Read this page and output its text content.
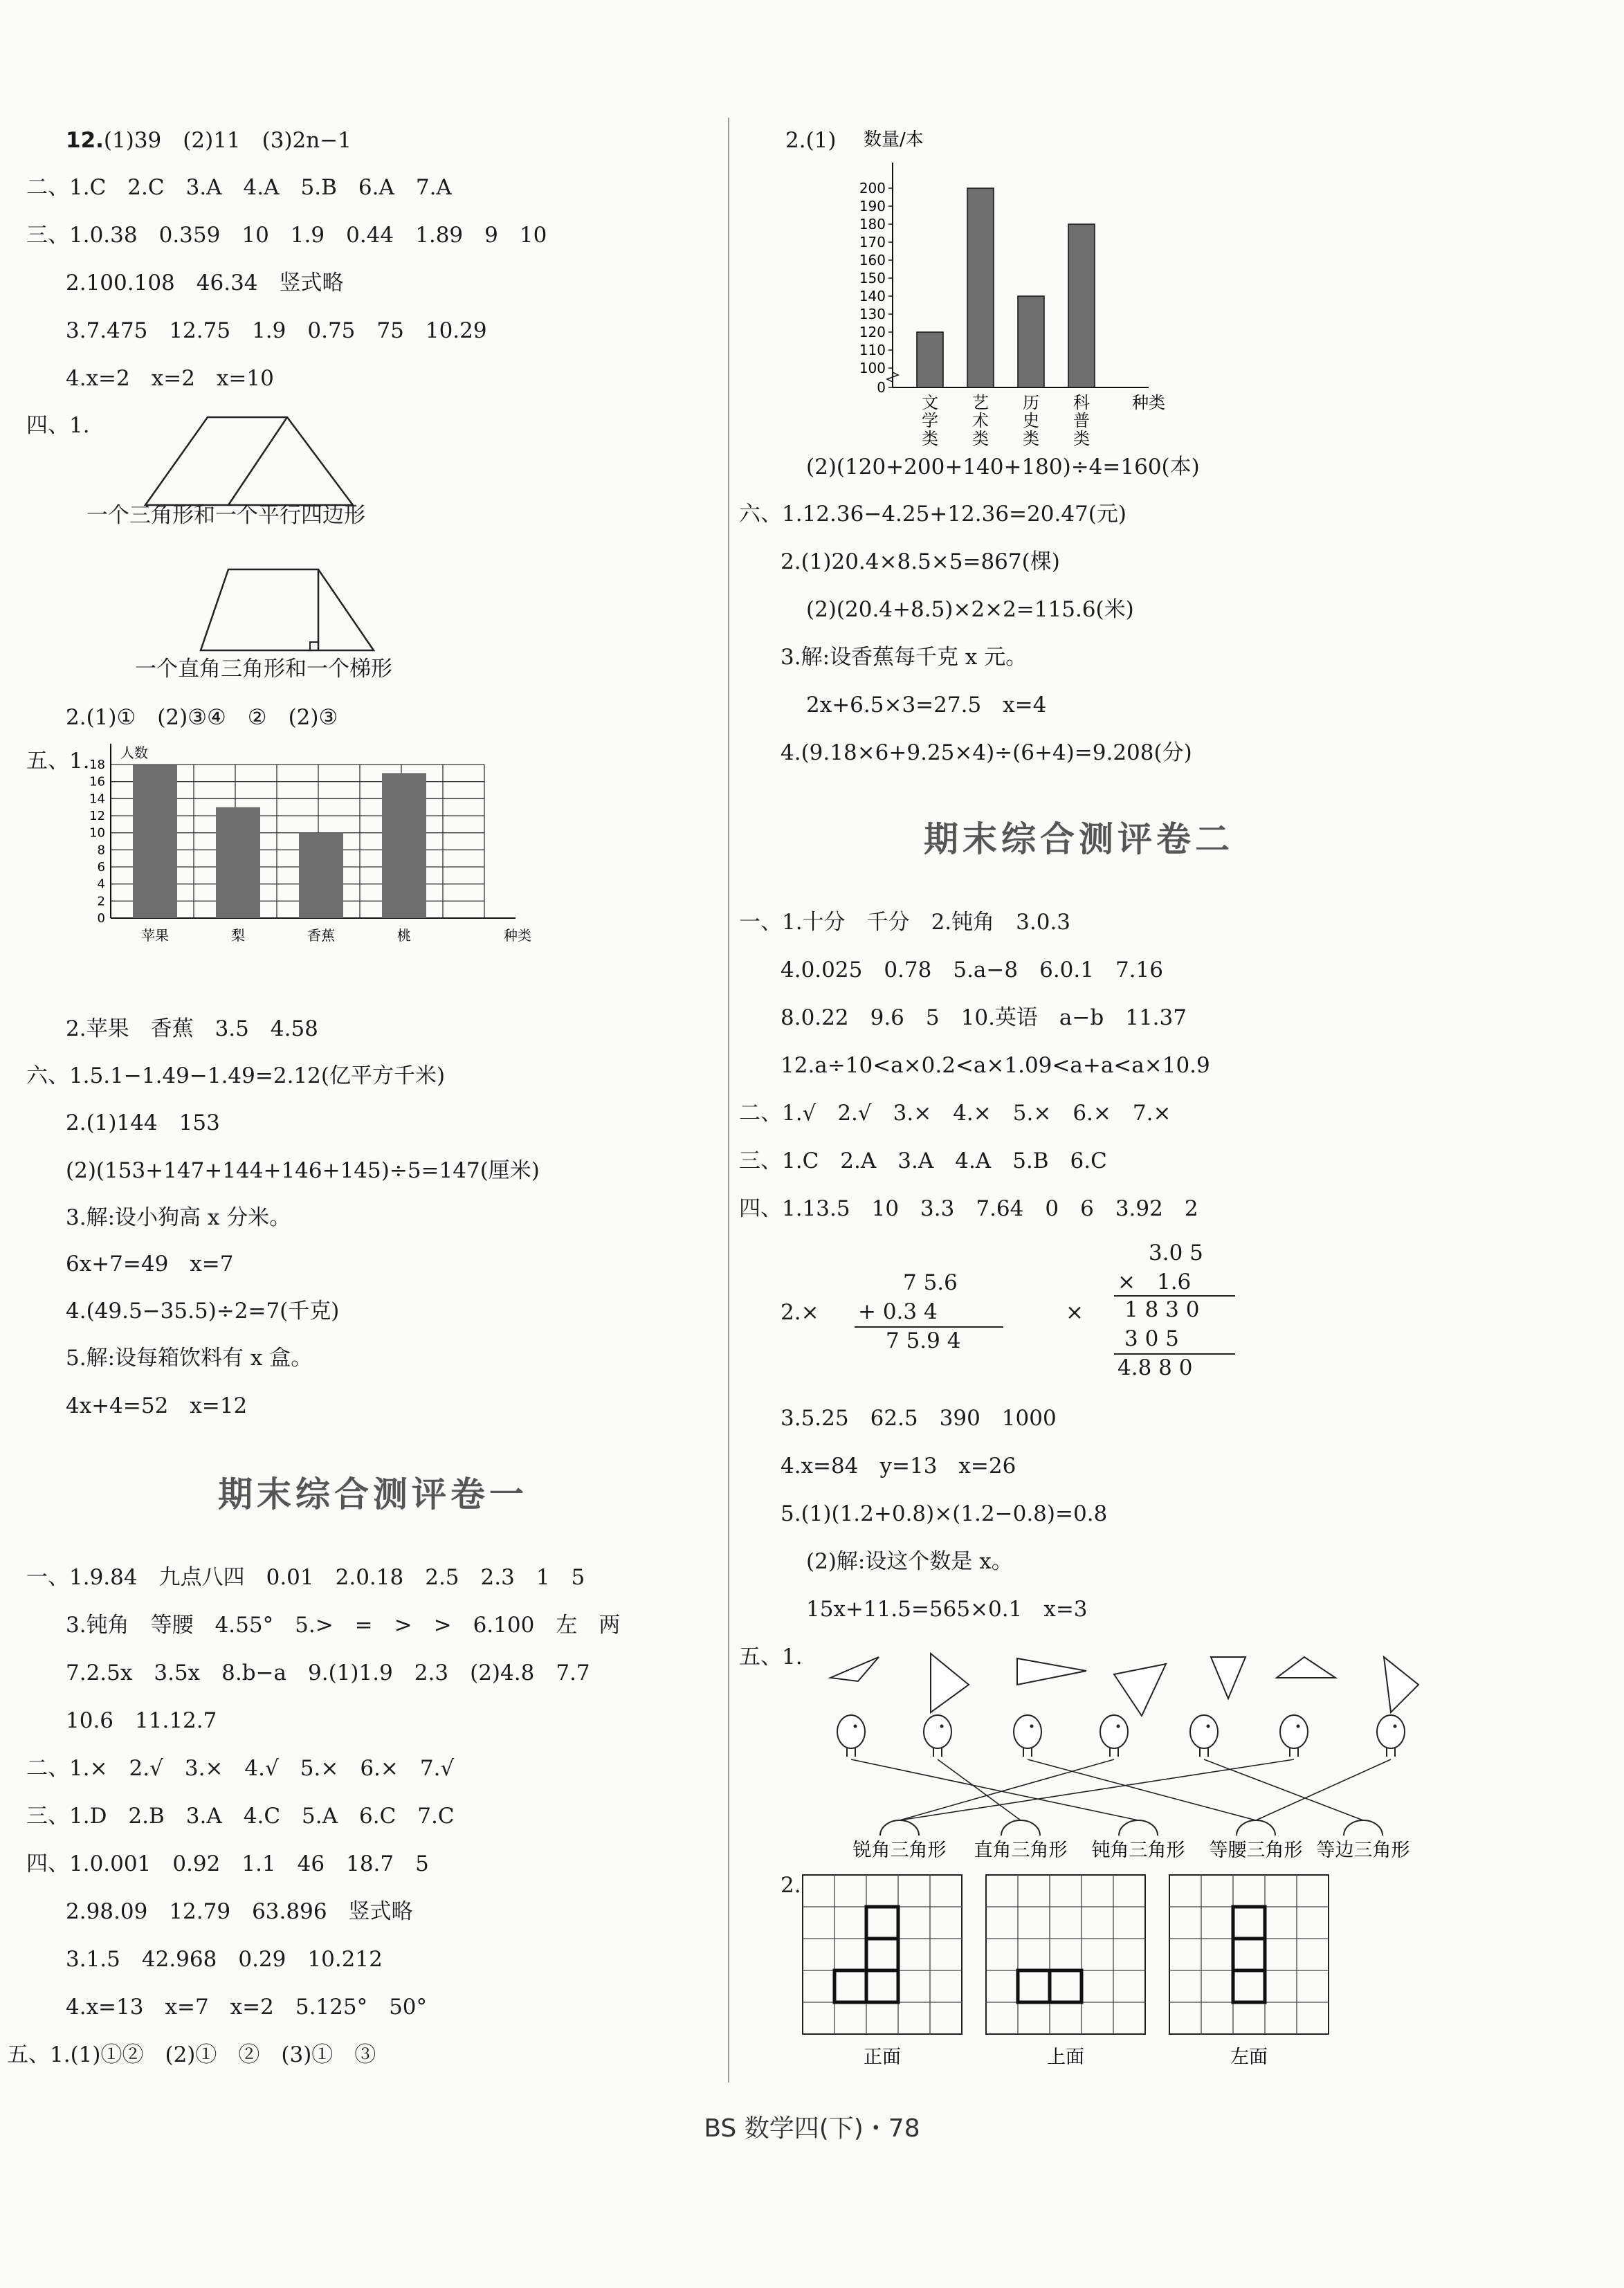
12.(1)39　(2)11　(3)2n−1
二、1.C　2.C　3.A　4.A　5.B　6.A　7.A
三、1.0.38　0.359　10　1.9　0.44　1.89　9　10
2.100.108　46.34　竖式略
3.7.475　12.75　1.9　0.75　75　10.29
4.x=2　x=2　x=10
四、1.
一个三角形和一个平行四边形
一个直角三角形和一个梯形
2.(1)①　(2)③④　②　(2)③
五、1.
0
2
4
6
8
10
12
14
16
18
人数
种类
苹果	梨	香蕉	桃
2.苹果　香蕉　3.5　4.58
六、1.5.1−1.49−1.49=2.12(亿平方千米)
2.(1)144　153
(2)(153+147+144+146+145)÷5=147(厘米)
3.解:设小狗高 x 分米。
6x+7=49　x=7
4.(49.5−35.5)÷2=7(千克)
5.解:设每箱饮料有 x 盒。
4x+4=52　x=12
期末综合测评卷一
一、1.9.84　九点八四　0.01　2.0.18　2.5　2.3　1　5
3.钝角　等腰　4.55°　5.>　=　>　>　6.100　左　两
7.2.5x　3.5x　8.b−a　9.(1)1.9　2.3　(2)4.8　7.7
10.6　11.12.7
二、1.×　2.√　3.×　4.√　5.×　6.×　7.√
三、1.D　2.B　3.A　4.C　5.A　6.C　7.C
四、1.0.001　0.92　1.1　46　18.7　5
2.98.09　12.79　63.896　竖式略
3.1.5　42.968　0.29　10.212
4.x=13　x=7　x=2　5.125°　50°
五、1.(1)①②　(2)①　②　(3)①　③
2.(1) 数量/本
0
100
110
120
130
140
150
160
170
180
190
200
文
学
类
艺
术
类
历
史
类
科
普
类
种类
(2)(120+200+140+180)÷4=160(本)
六、1.12.36−4.25+12.36=20.47(元)
2.(1)20.4×8.5×5=867(棵)
(2)(20.4+8.5)×2×2=115.6(米)
3.解:设香蕉每千克 x 元。
2x+6.5×3=27.5　x=4
4.(9.18×6+9.25×4)÷(6+4)=9.208(分)
期末综合测评卷二
一、1.十分　千分　2.钝角　3.0.3
4.0.025　0.78　5.a−8　6.0.1　7.16
8.0.22　9.6　5　10.英语　a−b　11.37
12.a÷10<a×0.2<a×1.09<a+a<a×10.9
二、1.√　2.√　3.×　4.×　5.×　6.×　7.×
三、1.C　2.A　3.A　4.A　5.B　6.C
四、1.13.5　10　3.3　7.64　0　6　3.92　2
2.×
7 5.6
+ 0.3 4
7 5.9 4
×
3.0 5
×　1.6
1 8 3 0
3 0 5
4.8 8 0
3.5.25　62.5　390　1000
4.x=84　y=13　x=26
5.(1)(1.2+0.8)×(1.2−0.8)=0.8
(2)解:设这个数是 x。
15x+11.5=565×0.1　x=3
五、1.
锐角三角形 直角三角形 钝角三角形 等腰三角形 等边三角形
2.
正面	上面	左面
BS 数学四(下)・78
